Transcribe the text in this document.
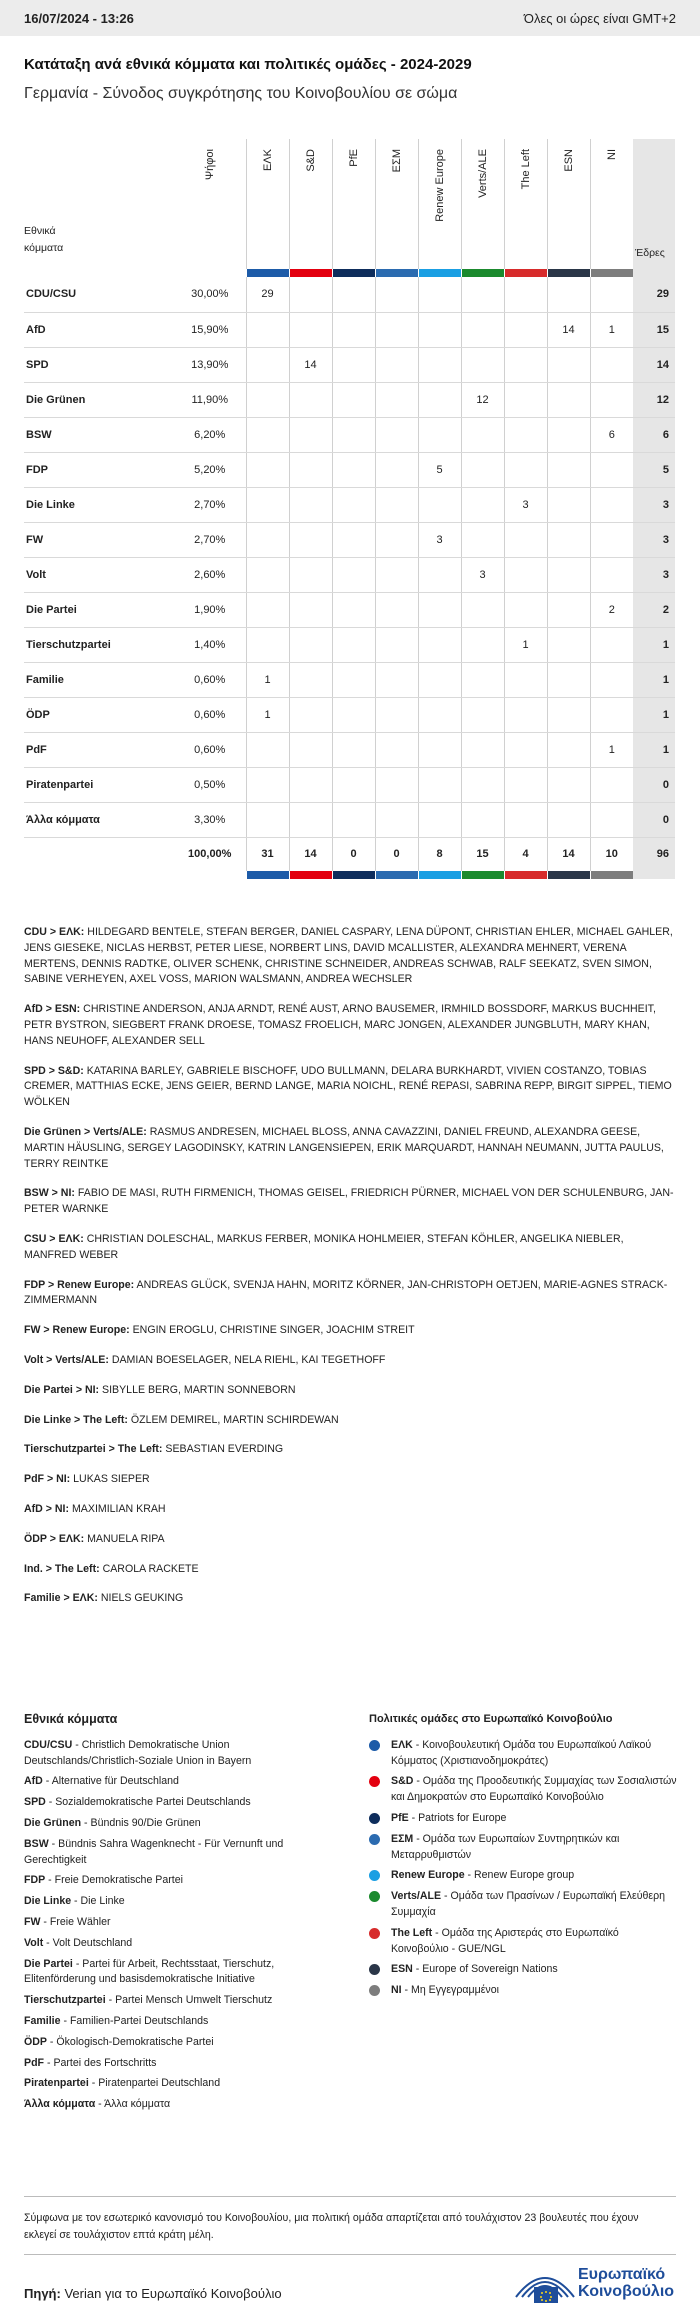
16/07/2024 - 13:26	Όλες οι ώρες είναι GMT+2
Κατάταξη ανά εθνικά κόμματα και πολιτικές ομάδες - 2024-2029
Γερμανία - Σύνοδος συγκρότησης του Κοινοβουλίου σε σώμα
Εθνικά
κόμματα	Ψήφοι	ΕΛΚ	S&D	PfE	ΕΣΜ	Renew Europe	Verts/ALE	The Left	ESN	NI	Έδρες

CDU/CSU	30,00%	29									29
AfD	15,90%								14	1	15
SPD	13,90%		14								14
Die Grünen	11,90%						12				12
BSW	6,20%									6	6
FDP	5,20%					5					5
Die Linke	2,70%							3			3
FW	2,70%					3					3
Volt	2,60%						3				3
Die Partei	1,90%									2	2
Tierschutzpartei	1,40%							1			1
Familie	0,60%	1									1
ÖDP	0,60%	1									1
PdF	0,60%									1	1
Piratenpartei	0,50%										0
Άλλα κόμματα	3,30%										0
	100,00%	31	14	0	0	8	15	4	14	10	96

CDU > ΕΛΚ: HILDEGARD BENTELE, STEFAN BERGER, DANIEL CASPARY, LENA DÜPONT, CHRISTIAN EHLER, MICHAEL GAHLER, JENS GIESEKE, NICLAS HERBST, PETER LIESE, NORBERT LINS, DAVID MCALLISTER, ALEXANDRA MEHNERT, VERENA MERTENS, DENNIS RADTKE, OLIVER SCHENK, CHRISTINE SCHNEIDER, ANDREAS SCHWAB, RALF SEEKATZ, SVEN SIMON, SABINE VERHEYEN, AXEL VOSS, MARION WALSMANN, ANDREA WECHSLER

AfD > ESN: CHRISTINE ANDERSON, ANJA ARNDT, RENÉ AUST, ARNO BAUSEMER, IRMHILD BOSSDORF, MARKUS BUCHHEIT, PETR BYSTRON, SIEGBERT FRANK DROESE, TOMASZ FROELICH, MARC JONGEN, ALEXANDER JUNGBLUTH, MARY KHAN, HANS NEUHOFF, ALEXANDER SELL

SPD > S&D: KATARINA BARLEY, GABRIELE BISCHOFF, UDO BULLMANN, DELARA BURKHARDT, VIVIEN COSTANZO, TOBIAS CREMER, MATTHIAS ECKE, JENS GEIER, BERND LANGE, MARIA NOICHL, RENÉ REPASI, SABRINA REPP, BIRGIT SIPPEL, TIEMO WÖLKEN

Die Grünen > Verts/ALE: RASMUS ANDRESEN, MICHAEL BLOSS, ANNA CAVAZZINI, DANIEL FREUND, ALEXANDRA GEESE, MARTIN HÄUSLING, SERGEY LAGODINSKY, KATRIN LANGENSIEPEN, ERIK MARQUARDT, HANNAH NEUMANN, JUTTA PAULUS, TERRY REINTKE

BSW > NI: FABIO DE MASI, RUTH FIRMENICH, THOMAS GEISEL, FRIEDRICH PÜRNER, MICHAEL VON DER SCHULENBURG, JAN-PETER WARNKE

CSU > ΕΛΚ: CHRISTIAN DOLESCHAL, MARKUS FERBER, MONIKA HOHLMEIER, STEFAN KÖHLER, ANGELIKA NIEBLER, MANFRED WEBER

FDP > Renew Europe: ANDREAS GLÜCK, SVENJA HAHN, MORITZ KÖRNER, JAN-CHRISTOPH OETJEN, MARIE-AGNES STRACK-ZIMMERMANN

FW > Renew Europe: ENGIN EROGLU, CHRISTINE SINGER, JOACHIM STREIT

Volt > Verts/ALE: DAMIAN BOESELAGER, NELA RIEHL, KAI TEGETHOFF

Die Partei > NI: SIBYLLE BERG, MARTIN SONNEBORN

Die Linke > The Left: ÖZLEM DEMIREL, MARTIN SCHIRDEWAN

Tierschutzpartei > The Left: SEBASTIAN EVERDING

PdF > NI: LUKAS SIEPER

AfD > NI: MAXIMILIAN KRAH

ÖDP > ΕΛΚ: MANUELA RIPA

Ind. > The Left: CAROLA RACKETE

Familie > ΕΛΚ: NIELS GEUKING

Εθνικά κόμματα

CDU/CSU - Christlich Demokratische Union Deutschlands/Christlich-Soziale Union in Bayern

AfD - Alternative für Deutschland

SPD - Sozialdemokratische Partei Deutschlands

Die Grünen - Bündnis 90/Die Grünen

BSW - Bündnis Sahra Wagenknecht - Für Vernunft und Gerechtigkeit

FDP - Freie Demokratische Partei

Die Linke - Die Linke

FW - Freie Wähler

Volt - Volt Deutschland

Die Partei - Partei für Arbeit, Rechtsstaat, Tierschutz, Elitenförderung und basisdemokratische Initiative

Tierschutzpartei - Partei Mensch Umwelt Tierschutz

Familie - Familien-Partei Deutschlands

ÖDP - Ökologisch-Demokratische Partei

PdF - Partei des Fortschritts

Piratenpartei - Piratenpartei Deutschland

Άλλα κόμματα - Άλλα κόμματα

Πολιτικές ομάδες στο Ευρωπαϊκό Κοινοβούλιο
ΕΛΚ - Κοινοβουλευτική Ομάδα του Ευρωπαϊκού Λαϊκού Κόμματος (Χριστιανοδημοκράτες)
S&D - Ομάδα της Προοδευτικής Συμμαχίας των Σοσιαλιστών και Δημοκρατών στο Ευρωπαϊκό Κοινοβούλιο
PfE - Patriots for Europe
ΕΣΜ - Ομάδα των Ευρωπαίων Συντηρητικών και Μεταρρυθμιστών
Renew Europe - Renew Europe group
Verts/ALE - Ομάδα των Πρασίνων / Ευρωπαϊκή Ελεύθερη Συμμαχία
The Left - Ομάδα της Αριστεράς στο Ευρωπαϊκό Κοινοβούλιο - GUE/NGL
ESN - Europe of Sovereign Nations
NI - Μη Εγγεγραμμένοι
Σύμφωνα με τον εσωτερικό κανονισμό του Κοινοβουλίου, μια πολιτική ομάδα απαρτίζεται από τουλάχιστον 23 βουλευτές που έχουν εκλεγεί σε τουλάχιστον επτά κράτη μέλη.
Πηγή: Verian για το Ευρωπαϊκό Κοινοβούλιο
Ευρωπαϊκό
Κοινοβούλιο
